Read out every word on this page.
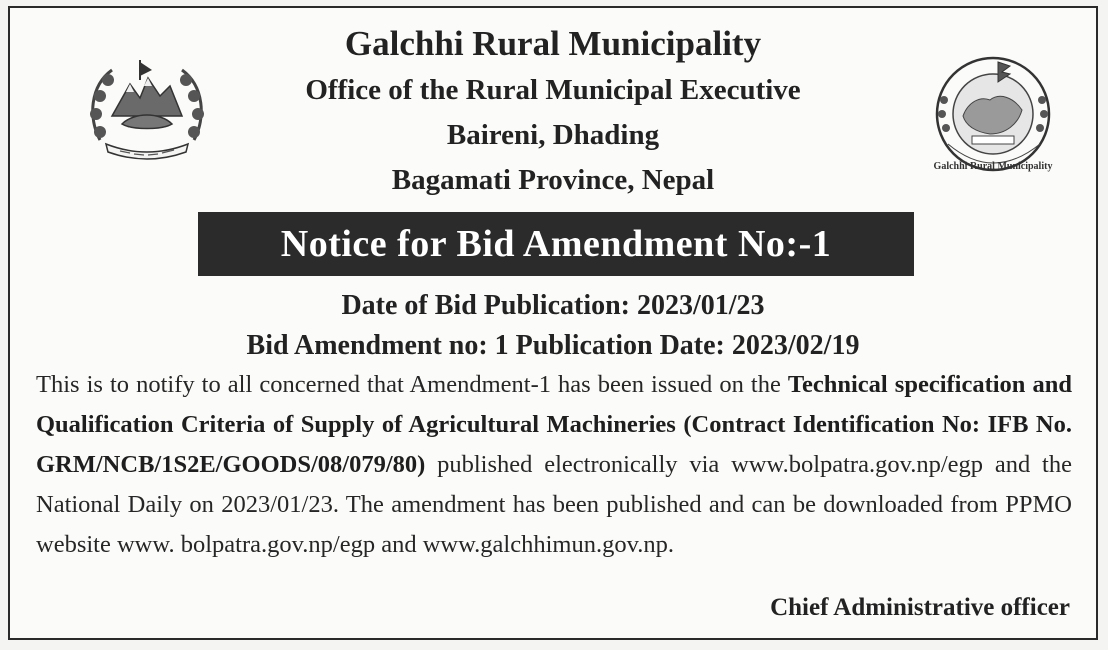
Galchhi Rural Municipality
Galchhi Rural Municipality
Office of the Rural Municipal Executive
Baireni, Dhading
Bagamati Province, Nepal
Notice for Bid Amendment No:-1
Date of Bid Publication: 2023/01/23
Bid Amendment no: 1 Publication Date: 2023/02/19
This is to notify to all concerned that Amendment-1 has been issued on the Technical specification and Qualification Criteria of Supply of Agricultural Machineries (Contract Identification No: IFB No. GRM/NCB/1S2E/GOODS/08/079/80) published electronically via www.bolpatra.gov.np/egp and the National Daily on 2023/01/23. The amendment has been published and can be downloaded from PPMO website www. bolpatra.gov.np/egp and www.galchhimun.gov.np.
Chief Administrative officer
